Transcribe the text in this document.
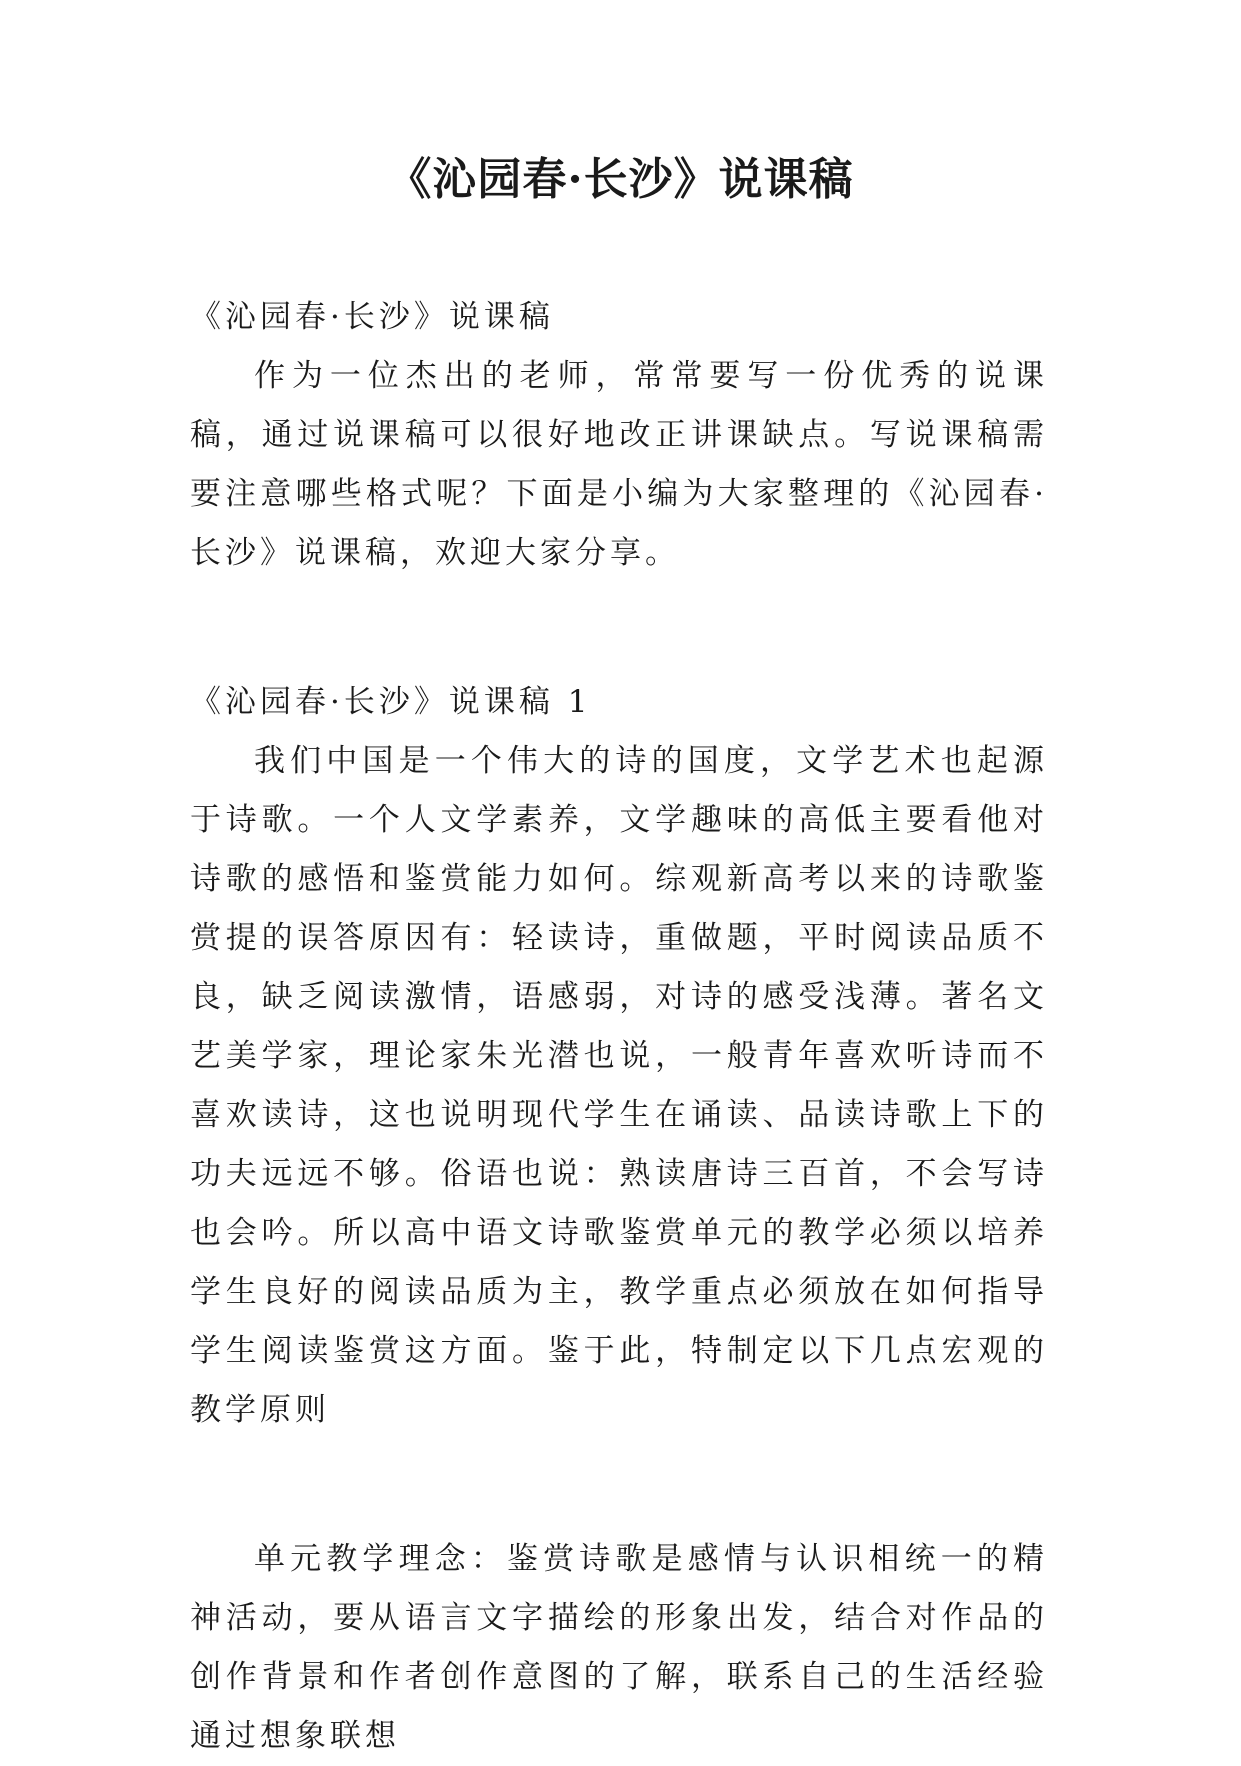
《沁园春·长沙》说课稿

《沁园春·长沙》说课稿

作为一位杰出的老师，常常要写一份优秀的说课稿，通过说课稿可以很好地改正讲课缺点。写说课稿需要注意哪些格式呢？下面是小编为大家整理的《沁园春·长沙》说课稿，欢迎大家分享。

《沁园春·长沙》说课稿 1

我们中国是一个伟大的诗的国度，文学艺术也起源于诗歌。一个人文学素养，文学趣味的高低主要看他对诗歌的感悟和鉴赏能力如何。综观新高考以来的诗歌鉴赏提的误答原因有：轻读诗，重做题，平时阅读品质不良，缺乏阅读激情，语感弱，对诗的感受浅薄。著名文艺美学家，理论家朱光潜也说，一般青年喜欢听诗而不喜欢读诗，这也说明现代学生在诵读、品读诗歌上下的功夫远远不够。俗语也说：熟读唐诗三百首，不会写诗也会吟。所以高中语文诗歌鉴赏单元的教学必须以培养学生良好的阅读品质为主，教学重点必须放在如何指导学生阅读鉴赏这方面。鉴于此，特制定以下几点宏观的教学原则

单元教学理念：鉴赏诗歌是感情与认识相统一的精神活动，要从语言文字描绘的形象出发，结合对作品的创作背景和作者创作意图的了解，联系自己的生活经验通过想象联想
